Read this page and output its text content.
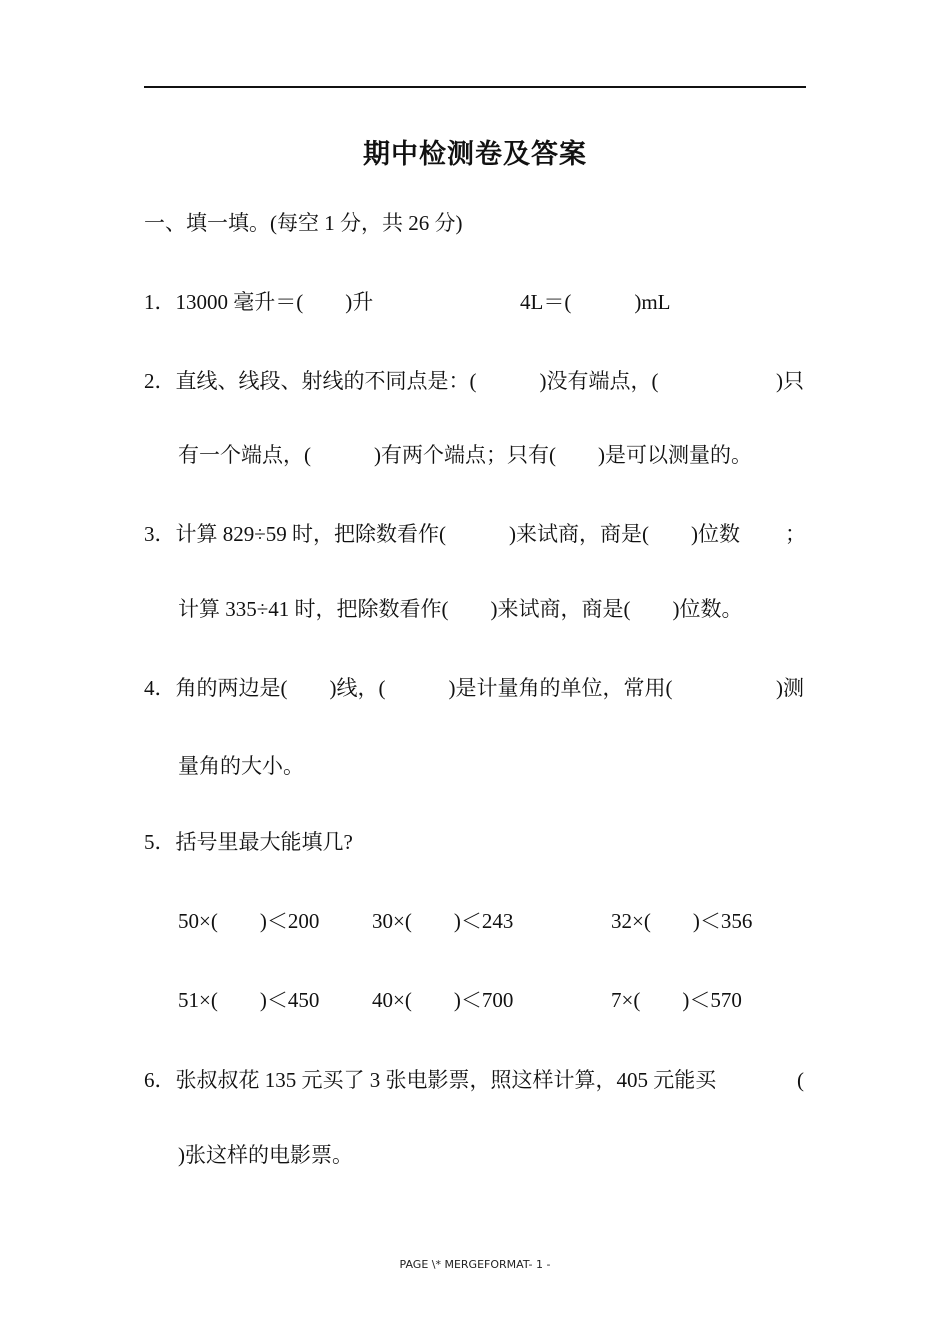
期中检测卷及答案
一、填一填。(每空 1 分，共 26 分)
1．13000 毫升＝(　　)升	4L＝(　　　)mL
2．直线、线段、射线的不同点是：(　　　)没有端点，(	)只
有一个端点，(　　　)有两个端点；只有(　　)是可以测量的。
3．计算 829÷59 时，把除数看作(　　　)来试商，商是(　　)位数 ；
计算 335÷41 时，把除数看作(　　)来试商，商是(　　)位数。
4．角的两边是(　　)线，(　　　)是计量角的单位，常用(	)测
量角的大小。
5．括号里最大能填几?
50×(　　)＜200	30×(　　)＜243	32×(　　)＜356
51×(　　)＜450	40×(　　)＜700	7×(　　)＜570
6．张叔叔花 135 元买了 3 张电影票，照这样计算，405 元能买	(
)张这样的电影票。
PAGE \* MERGEFORMAT- 1 -
